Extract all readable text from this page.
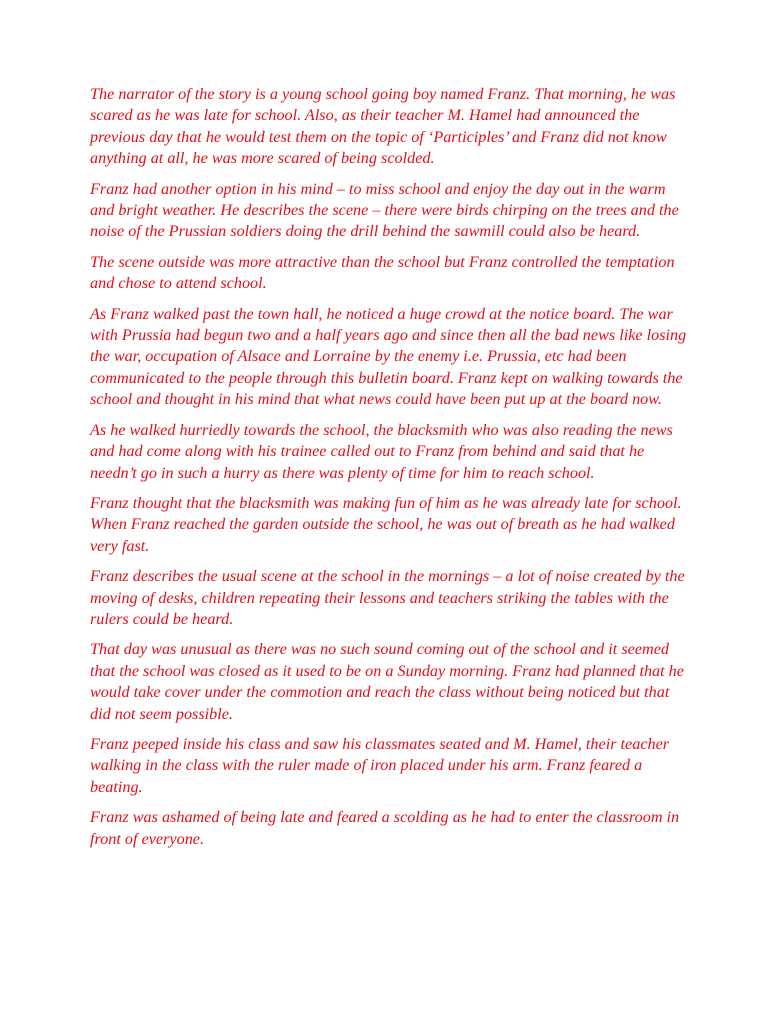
The narrator of the story is a young school going boy named Franz. That morning, he was scared as he was late for school. Also, as their teacher M. Hamel had announced the previous day that he would test them on the topic of ‘Participles’ and Franz did not know anything at all, he was more scared of being scolded.

Franz had another option in his mind – to miss school and enjoy the day out in the warm and bright weather. He describes the scene – there were birds chirping on the trees and the noise of the Prussian soldiers doing the drill behind the sawmill could also be heard.

The scene outside was more attractive than the school but Franz controlled the temptation and chose to attend school.

As Franz walked past the town hall, he noticed a huge crowd at the notice board. The war with Prussia had begun two and a half years ago and since then all the bad news like losing the war, occupation of Alsace and Lorraine by the enemy i.e. Prussia, etc had been communicated to the people through this bulletin board. Franz kept on walking towards the school and thought in his mind that what news could have been put up at the board now.

As he walked hurriedly towards the school, the blacksmith who was also reading the news and had come along with his trainee called out to Franz from behind and said that he needn’t go in such a hurry as there was plenty of time for him to reach school.

Franz thought that the blacksmith was making fun of him as he was already late for school. When Franz reached the garden outside the school, he was out of breath as he had walked very fast.

Franz describes the usual scene at the school in the mornings – a lot of noise created by the moving of desks, children repeating their lessons and teachers striking the tables with the rulers could be heard.

That day was unusual as there was no such sound coming out of the school and it seemed that the school was closed as it used to be on a Sunday morning. Franz had planned that he would take cover under the commotion and reach the class without being noticed but that did not seem possible.

Franz peeped inside his class and saw his classmates seated and M. Hamel, their teacher walking in the class with the ruler made of iron placed under his arm. Franz feared a beating.

Franz was ashamed of being late and feared a scolding as he had to enter the classroom in front of everyone.
